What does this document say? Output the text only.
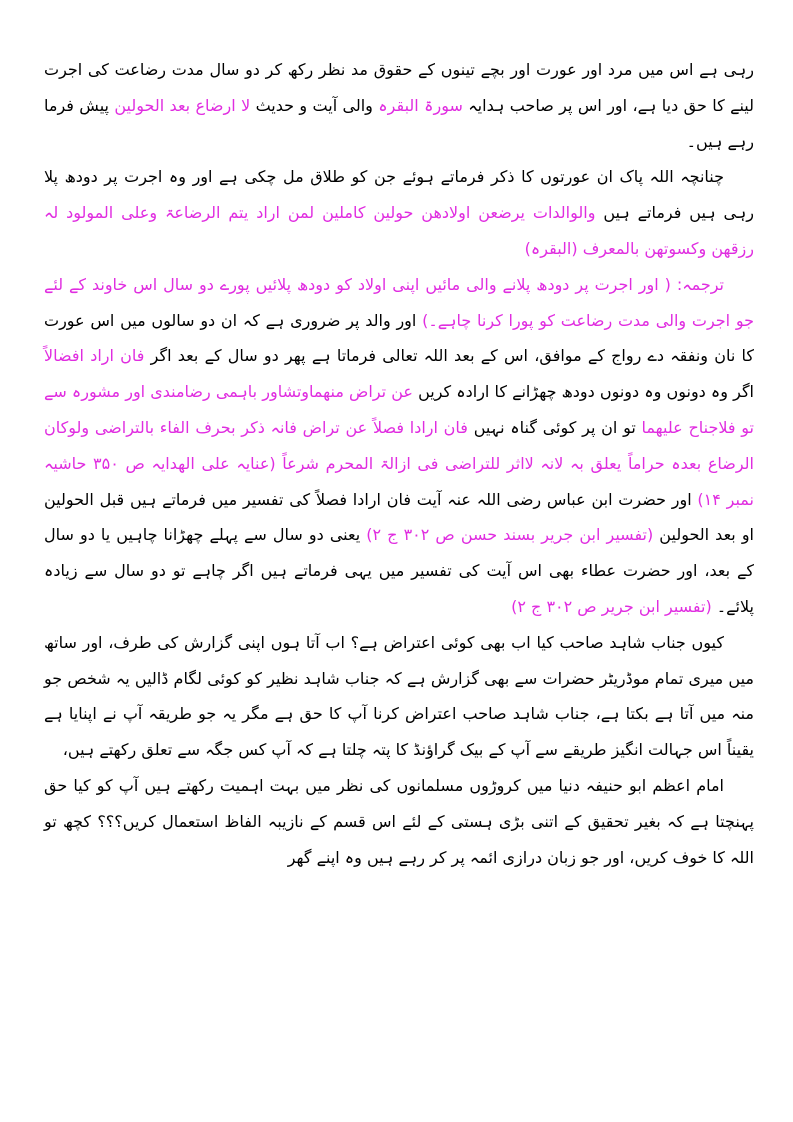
رہی ہے اس میں مرد اور عورت اور بچے تینوں کے حقوق مد نظر رکھ کر دو سال مدت رضاعت کی اجرت لینے کا حق دیا ہے، اور اس پر صاحب ہدایہ سورۃ البقرہ والی آیت و حدیث لا ارضاع بعد الحولین پیش فرما رہے ہیں۔

چنانچہ اللہ پاک ان عورتوں کا ذکر فرماتے ہوئے جن کو طلاق مل چکی ہے اور وہ اجرت پر دودھ پلا رہی ہیں فرماتے ہیں والوالدات یرضعن اولادھن حولین کاملین لمن اراد یتم الرضاعۃ وعلی المولود لہ رزقھن وکسوتھن بالمعرف (البقرہ)

ترجمہ: ( اور اجرت پر دودھ پلانے والی مائیں اپنی اولاد کو دودھ پلائیں پورے دو سال اس خاوند کے لئے جو اجرت والی مدت رضاعت کو پورا کرنا چاہے۔) اور والد پر ضروری ہے کہ ان دو سالوں میں اس عورت کا نان ونفقہ دے رواج کے موافق، اس کے بعد اللہ تعالی فرماتا ہے پھر دو سال کے بعد اگر فان اراد افضالاً اگر وہ دونوں وہ دونوں دودھ چھڑانے کا ارادہ کریں عن تراض منھماوتشاور باہمی رضامندی اور مشورہ سے تو فلاجناح علیھما تو ان پر کوئی گناہ نہیں فان ارادا فصلاً عن تراض فانہ ذکر بحرف الفاء بالتراضی ولوکان الرضاع بعدہ حراماً یعلق بہ لانہ لااثر للتراضی فی ازالۃ المحرم شرعاً (عنایہ علی الھدایہ ص ۳۵۰ حاشیہ نمبر ۱۴) اور حضرت ابن عباس رضی اللہ عنہ آیت فان ارادا فصلاً کی تفسیر میں فرماتے ہیں قبل الحولین او بعد الحولین (تفسیر ابن جریر بسند حسن ص ۳۰۲ ج ۲) یعنی دو سال سے پہلے چھڑانا چاہیں یا دو سال کے بعد، اور حضرت عطاء بھی اس آیت کی تفسیر میں یہی فرماتے ہیں اگر چاہے تو دو سال سے زیادہ پلائے۔ (تفسیر ابن جریر ص ۳۰۲ ج ۲)

کیوں جناب شاہد صاحب کیا اب بھی کوئی اعتراض ہے؟ اب آتا ہوں اپنی گزارش کی طرف، اور ساتھ میں میری تمام موڈریٹر حضرات سے بھی گزارش ہے کہ جناب شاہد نظیر کو کوئی لگام ڈالیں یہ شخص جو منہ میں آتا ہے بکتا ہے، جناب شاہد صاحب اعتراض کرنا آپ کا حق ہے مگر یہ جو طریقہ آپ نے اپنایا ہے یقیناً اس جہالت انگیز طریقے سے آپ کے بیک گراؤنڈ کا پتہ چلتا ہے کہ آپ کس جگہ سے تعلق رکھتے ہیں،

امام اعظم ابو حنیفہ دنیا میں کروڑوں مسلمانوں کی نظر میں بہت اہمیت رکھتے ہیں آپ کو کیا حق پہنچتا ہے کہ بغیر تحقیق کے اتنی بڑی ہستی کے لئے اس قسم کے نازیبہ الفاظ استعمال کریں؟؟؟ کچھ تو اللہ کا خوف کریں، اور جو زبان درازی ائمہ پر کر رہے ہیں وہ اپنے گھر
